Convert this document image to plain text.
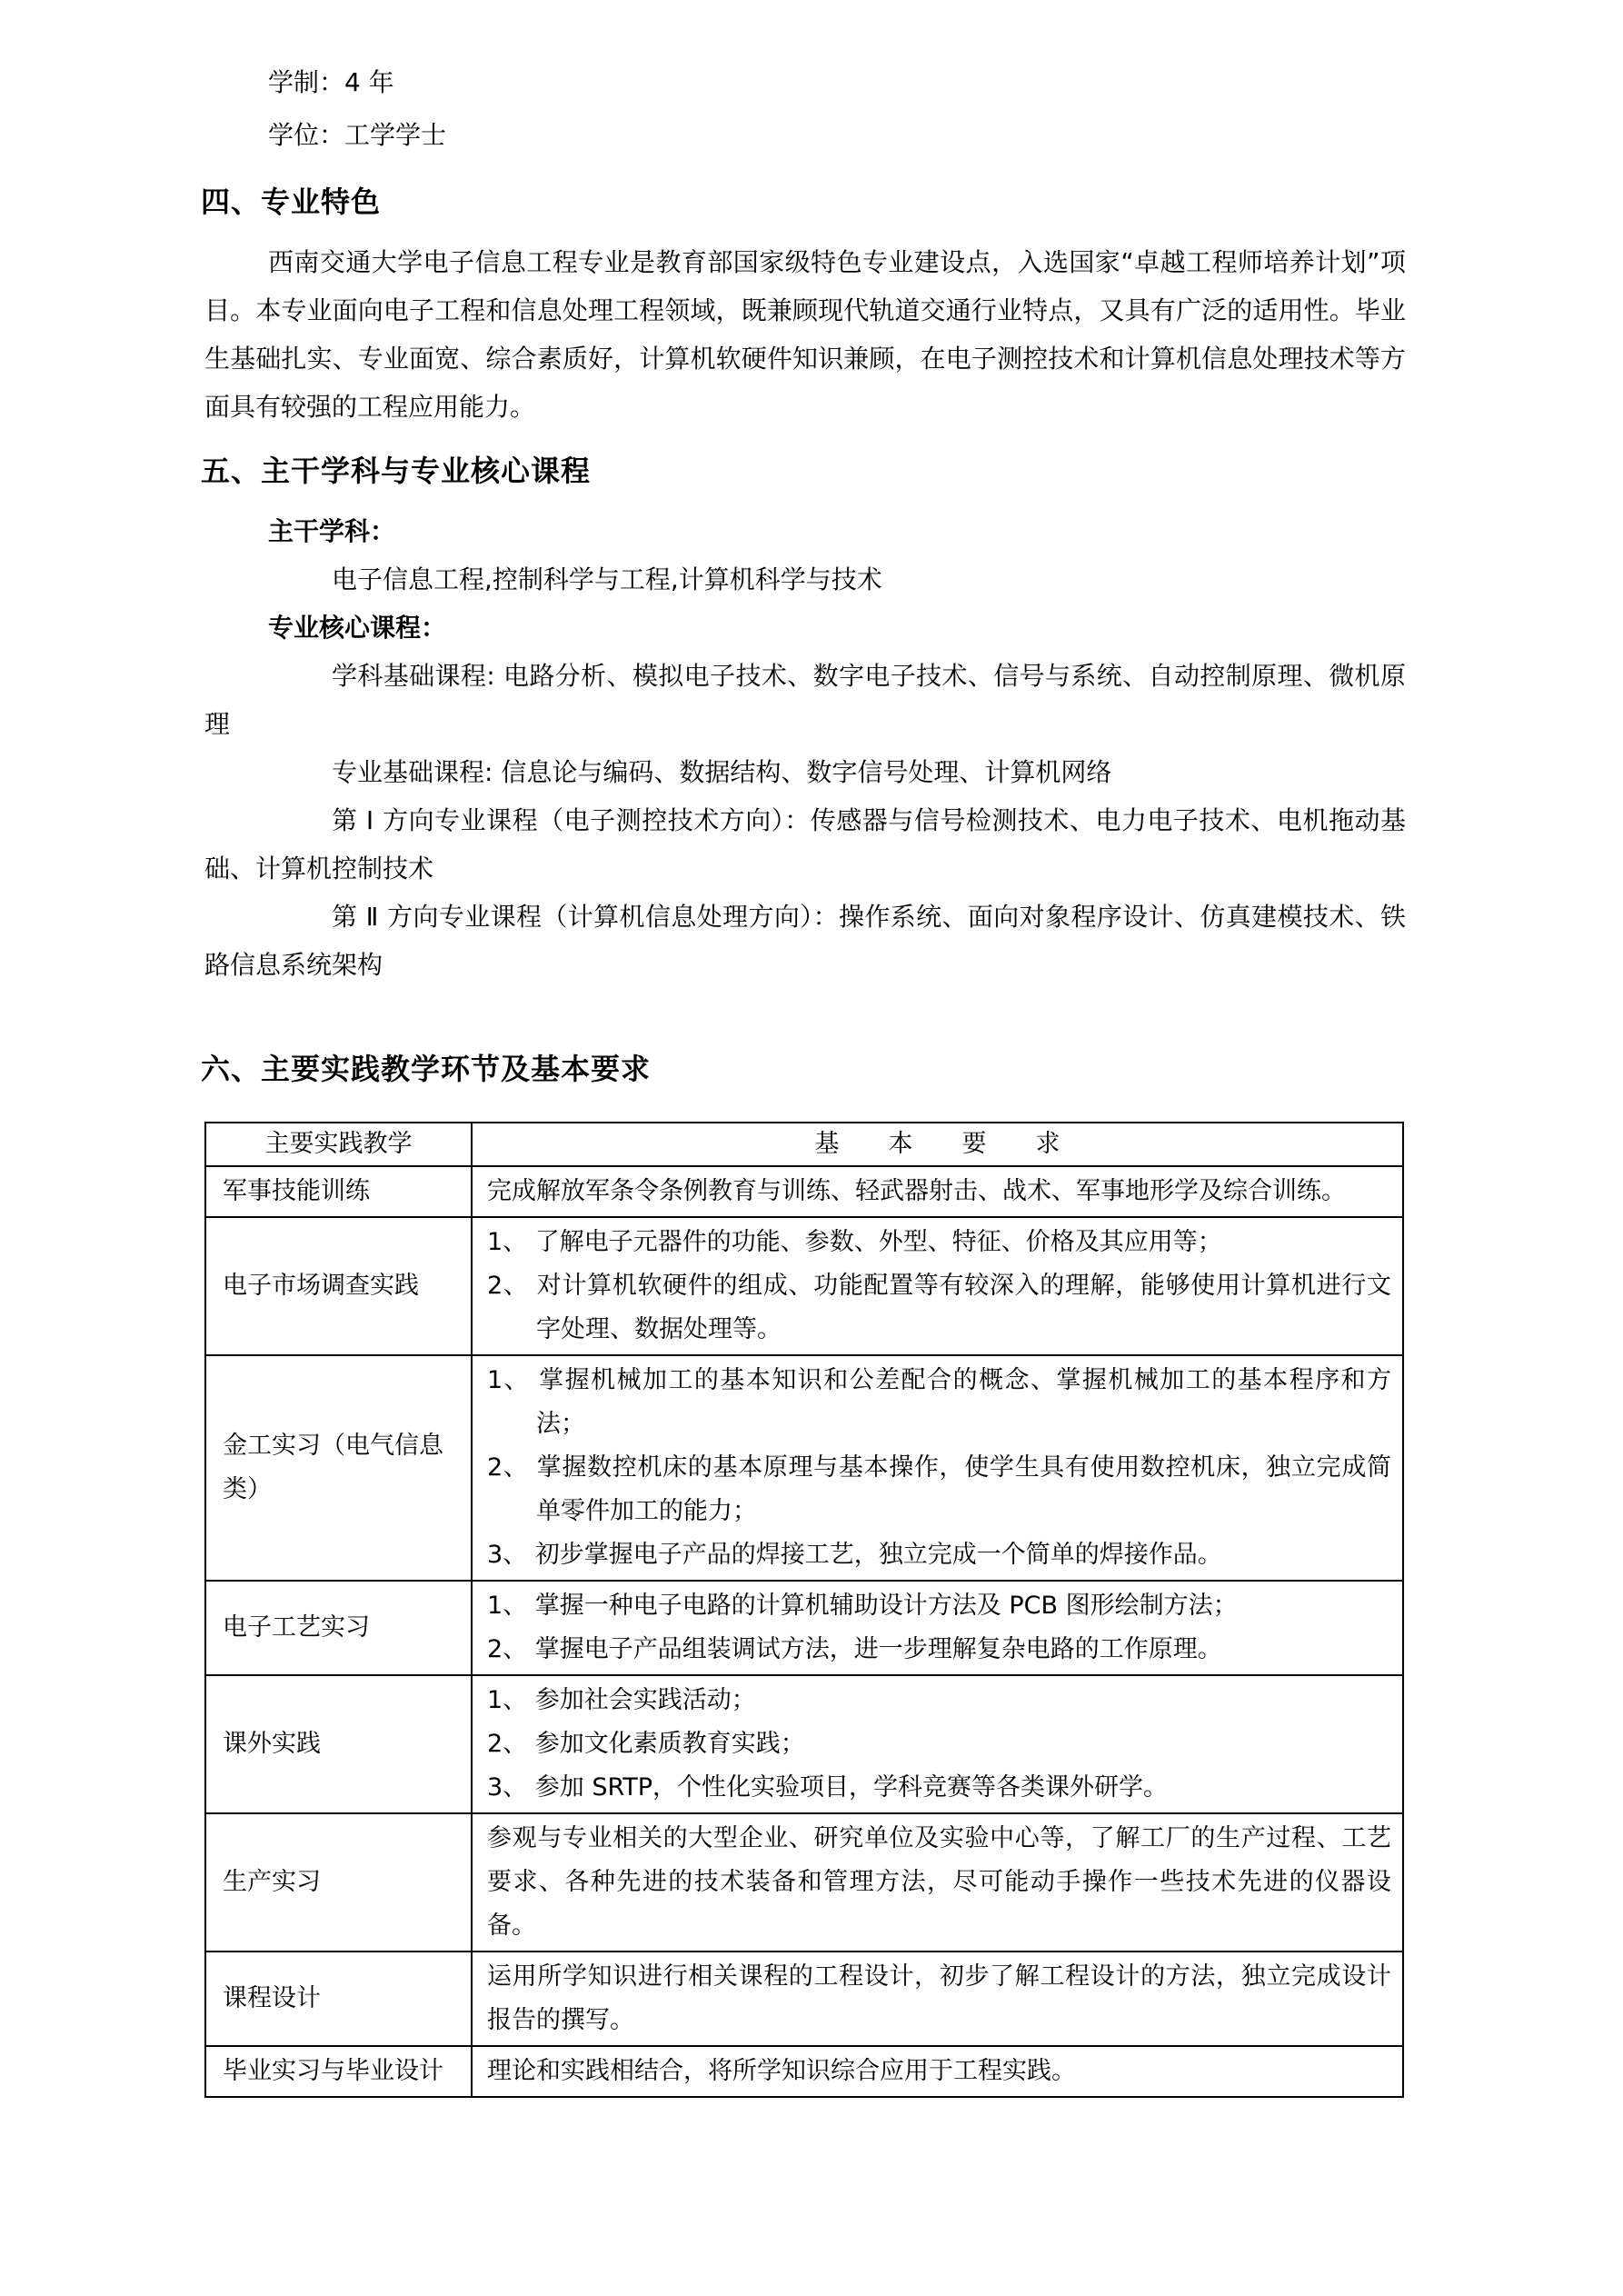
学制：4 年
学位：工学学士
四、专业特色

西南交通大学电子信息工程专业是教育部国家级特色专业建设点，入选国家“卓越工程师培养计划”项目。本专业面向电子工程和信息处理工程领域，既兼顾现代轨道交通行业特点，又具有广泛的适用性。毕业生基础扎实、专业面宽、综合素质好，计算机软硬件知识兼顾，在电子测控技术和计算机信息处理技术等方面具有较强的工程应用能力。

五、主干学科与专业核心课程
主干学科：
电子信息工程,控制科学与工程,计算机科学与技术
专业核心课程：
学科基础课程: 电路分析、模拟电子技术、数字电子技术、信号与系统、自动控制原理、微机原理
专业基础课程: 信息论与编码、数据结构、数字信号处理、计算机网络
第 Ⅰ 方向专业课程（电子测控技术方向）：传感器与信号检测技术、电力电子技术、电机拖动基础、计算机控制技术
第 Ⅱ 方向专业课程（计算机信息处理方向）：操作系统、面向对象程序设计、仿真建模技术、铁路信息系统架构
六、主要实践教学环节及基本要求
主要实践教学	基　　本　　要　　求
军事技能训练	完成解放军条令条例教育与训练、轻武器射击、战术、军事地形学及综合训练。

电子市场调查实践	1、 了解电子元器件的功能、参数、外型、特征、价格及其应用等；
2、 对计算机软硬件的组成、功能配置等有较深入的理解，能够使用计算机进行文字处理、数据处理等。

金工实习（电气信息类）	1、 掌握机械加工的基本知识和公差配合的概念、掌握机械加工的基本程序和方法；
2、 掌握数控机床的基本原理与基本操作，使学生具有使用数控机床，独立完成简单零件加工的能力；
3、 初步掌握电子产品的焊接工艺，独立完成一个简单的焊接作品。

电子工艺实习	1、 掌握一种电子电路的计算机辅助设计方法及 PCB 图形绘制方法；
2、 掌握电子产品组装调试方法，进一步理解复杂电路的工作原理。

课外实践	1、 参加社会实践活动；
2、 参加文化素质教育实践；
3、 参加 SRTP，个性化实验项目，学科竞赛等各类课外研学。

生产实习	参观与专业相关的大型企业、研究单位及实验中心等，了解工厂的生产过程、工艺要求、各种先进的技术装备和管理方法，尽可能动手操作一些技术先进的仪器设备。

课程设计	运用所学知识进行相关课程的工程设计，初步了解工程设计的方法，独立完成设计报告的撰写。

毕业实习与毕业设计	理论和实践相结合，将所学知识综合应用于工程实践。
